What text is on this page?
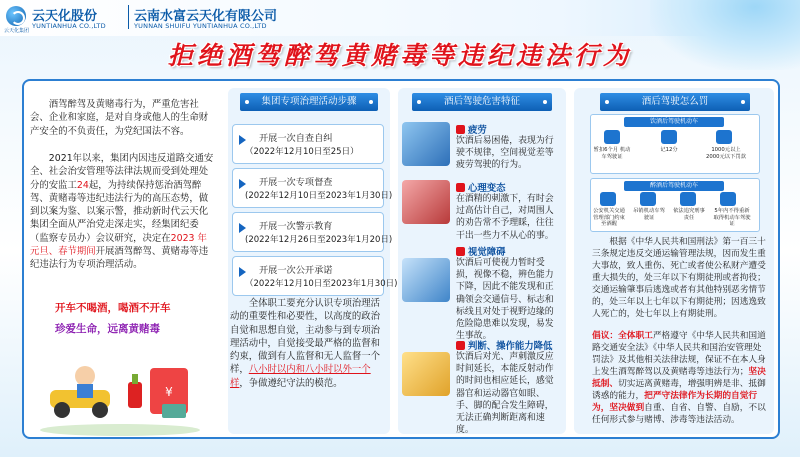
云天化集团
云天化股份
YUNTIANHUA CO.,LTD
云南水富云天化有限公司
YUNNAN SHUIFU YUNTIANHUA CO.,LTD
拒绝酒驾醉驾黄赌毒等违纪违法行为
酒驾醉驾及黄赌毒行为，严重危害社会、企业和家庭，是对自身或他人的生命财产安全的不负责任，为党纪国法不容。
2021年以来，集团内因违反道路交通安全、社会治安管理等法律法规而受到处理处分的安监工24起，为持续保持惩治酒驾醉驾、黄赌毒等违纪违法行为的高压态势，做到以案为鉴、以案示警，推动新时代云天化集团全面从严治党走深走实，经集团纪委（监察专员办）会议研究，决定在2023 年元旦、春节期间开展酒驾醉驾、黄赌毒等违纪违法行为专项治理活动。
开车不喝酒，喝酒不开车
珍爱生命，远离黄赌毒
¥
集团专项治理活动步骤
开展一次自查自纠
（2022年12月10日至25日）
开展一次专项督查
(2022年12月10日至2023年1月30日)
开展一次警示教育
(2022年12月26日至2023年1月20日)
开展一次公开承诺
（2022年12月10日至2023年1月30日)
全体职工要充分认识专项治理活动的重要性和必要性，以高度的政治自觉和思想自觉，主动参与到专项治理活动中，自觉接受最严格的监督和约束，做到有人监督和无人监督一个样，八小时以内和八小时以外一个样，争做遵纪守法的模范。
酒后驾驶危害特征
疲劳
饮酒后易困倦，表现为行驶不规律，空间视觉差等疲劳驾驶的行为。
心理变态
在酒精的刺激下，有时会过高估计自己，对周围人的劝告常不予理睬，往往干出一些力不从心的事。
视觉障碍
饮酒后可使视力暂时受损，视像不稳，辨色能力下降，因此不能发现和正确领会交通信号、标志和标线且对处于视野边缘的危险隐患难以发现，易发生事故。
判断、操作能力降低
饮酒后对光、声刺激反应时间延长，本能反射动作的时间也相应延长，感觉器官和运动器官如眼、手、脚的配合发生障碍，无法正确判断距离和速度。
酒后驾驶怎么罚
饮酒后驾驶机动车
暂扣6个月 机动车驾驶证
记12分	1000元以上 2000元以下罚款
醉酒后驾驶机动车
公安机关交通管理部门约束至酒醒
吊销机动车驾驶证
依法追究刑事责任
5年内不得重新取得机动车驾驶证
根据《中华人民共和国刑法》第一百三十三条规定违反交通运输管理法规，因而发生重大事故，致人重伤、死亡或者使公私财产遭受重大损失的，处三年以下有期徒刑或者拘役；交通运输肇事后逃逸或者有其他特别恶劣情节的，处三年以上七年以下有期徒刑；因逃逸致人死亡的，处七年以上有期徒刑。
倡议：全体职工严格遵守《中华人民共和国道路交通安全法》《中华人民共和国治安管理处罚法》及其他相关法律法规，保证不在本人身上发生酒驾醉驾以及黄赌毒等违法行为；坚决抵制、切实远离黄赌毒，增强明辨是非、抵御诱惑的能力，把严守法律作为长期的自觉行为，坚决做到自重、自省、自警、自励，不以任何形式参与赌博、涉毒等违法活动。
